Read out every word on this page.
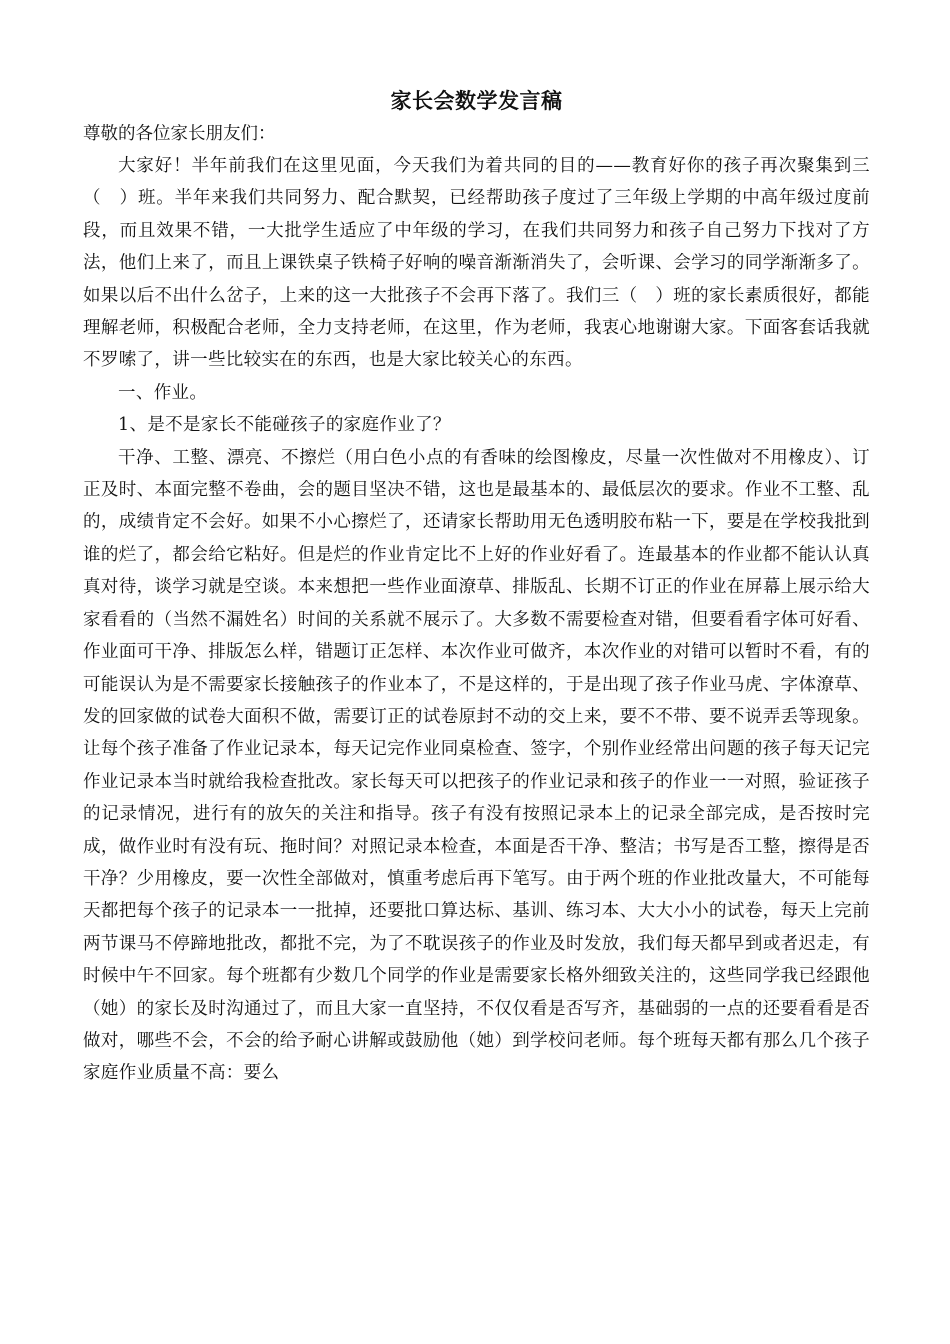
家长会数学发言稿

尊敬的各位家长朋友们：

大家好！半年前我们在这里见面，今天我们为着共同的目的——教育好你的孩子再次聚集到三（　）班。半年来我们共同努力、配合默契，已经帮助孩子度过了三年级上学期的中高年级过度前段，而且效果不错，一大批学生适应了中年级的学习，在我们共同努力和孩子自己努力下找对了方法，他们上来了，而且上课铁桌子铁椅子好响的噪音渐渐消失了，会听课、会学习的同学渐渐多了。如果以后不出什么岔子，上来的这一大批孩子不会再下落了。我们三（　）班的家长素质很好，都能理解老师，积极配合老师，全力支持老师，在这里，作为老师，我衷心地谢谢大家。下面客套话我就不罗嗦了，讲一些比较实在的东西，也是大家比较关心的东西。

一、作业。

1、是不是家长不能碰孩子的家庭作业了？

干净、工整、漂亮、不擦烂（用白色小点的有香味的绘图橡皮，尽量一次性做对不用橡皮）、订正及时、本面完整不卷曲，会的题目坚决不错，这也是最基本的、最低层次的要求。作业不工整、乱的，成绩肯定不会好。如果不小心擦烂了，还请家长帮助用无色透明胶布粘一下，要是在学校我批到谁的烂了，都会给它粘好。但是烂的作业肯定比不上好的作业好看了。连最基本的作业都不能认认真真对待，谈学习就是空谈。本来想把一些作业面潦草、排版乱、长期不订正的作业在屏幕上展示给大家看看的（当然不漏姓名）时间的关系就不展示了。大多数不需要检查对错，但要看看字体可好看、作业面可干净、排版怎么样，错题订正怎样、本次作业可做齐，本次作业的对错可以暂时不看，有的可能误认为是不需要家长接触孩子的作业本了，不是这样的，于是出现了孩子作业马虎、字体潦草、发的回家做的试卷大面积不做，需要订正的试卷原封不动的交上来，要不不带、要不说弄丢等现象。让每个孩子准备了作业记录本，每天记完作业同桌检查、签字，个别作业经常出问题的孩子每天记完作业记录本当时就给我检查批改。家长每天可以把孩子的作业记录和孩子的作业一一对照，验证孩子的记录情况，进行有的放矢的关注和指导。孩子有没有按照记录本上的记录全部完成，是否按时完成，做作业时有没有玩、拖时间？对照记录本检查，本面是否干净、整洁；书写是否工整，擦得是否干净？少用橡皮，要一次性全部做对，慎重考虑后再下笔写。由于两个班的作业批改量大，不可能每天都把每个孩子的记录本一一批掉，还要批口算达标、基训、练习本、大大小小的试卷，每天上完前两节课马不停蹄地批改，都批不完，为了不耽误孩子的作业及时发放，我们每天都早到或者迟走，有时候中午不回家。每个班都有少数几个同学的作业是需要家长格外细致关注的，这些同学我已经跟他（她）的家长及时沟通过了，而且大家一直坚持，不仅仅看是否写齐，基础弱的一点的还要看看是否做对，哪些不会，不会的给予耐心讲解或鼓励他（她）到学校问老师。每个班每天都有那么几个孩子家庭作业质量不高：要么
